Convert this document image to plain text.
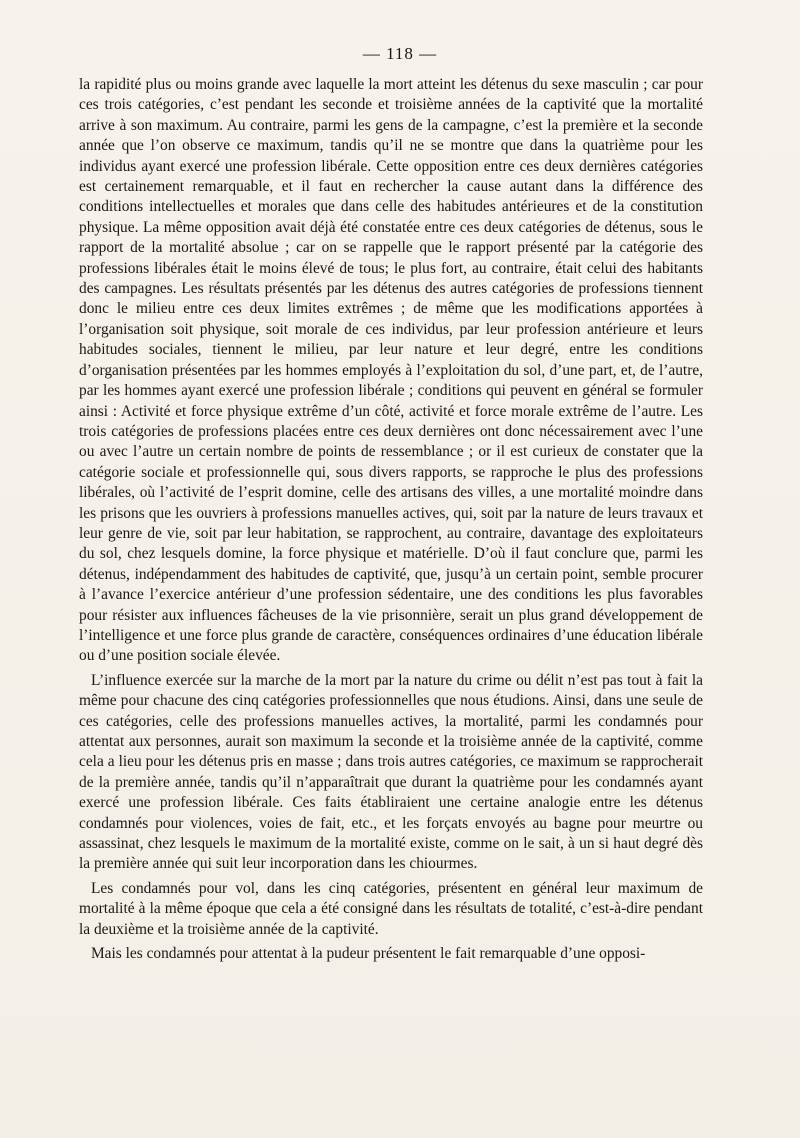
— 118 —

la rapidité plus ou moins grande avec laquelle la mort atteint les détenus du sexe masculin ; car pour ces trois catégories, c’est pendant les seconde et troisième années de la captivité que la mortalité arrive à son maximum. Au contraire, parmi les gens de la campagne, c’est la première et la seconde année que l’on observe ce maximum, tandis qu’il ne se montre que dans la quatrième pour les individus ayant exercé une profession libérale. Cette opposition entre ces deux dernières catégories est certainement remarquable, et il faut en rechercher la cause autant dans la différence des conditions intellectuelles et morales que dans celle des habitudes antérieures et de la constitution physique. La même opposition avait déjà été constatée entre ces deux catégories de détenus, sous le rapport de la mortalité absolue ; car on se rappelle que le rapport présenté par la catégorie des professions libérales était le moins élevé de tous; le plus fort, au contraire, était celui des habitants des campagnes. Les résultats présentés par les détenus des autres catégories de professions tiennent donc le milieu entre ces deux limites extrêmes ; de même que les modifications apportées à l’organisation soit physique, soit morale de ces individus, par leur profession antérieure et leurs habitudes sociales, tiennent le milieu, par leur nature et leur degré, entre les conditions d’organisation présentées par les hommes employés à l’exploitation du sol, d’une part, et, de l’autre, par les hommes ayant exercé une profession libérale ; conditions qui peuvent en général se formuler ainsi : Activité et force physique extrême d’un côté, activité et force morale extrême de l’autre. Les trois catégories de professions placées entre ces deux dernières ont donc nécessairement avec l’une ou avec l’autre un certain nombre de points de ressemblance ; or il est curieux de constater que la catégorie sociale et professionnelle qui, sous divers rapports, se rapproche le plus des professions libérales, où l’activité de l’esprit domine, celle des artisans des villes, a une mortalité moindre dans les prisons que les ouvriers à professions manuelles actives, qui, soit par la nature de leurs travaux et leur genre de vie, soit par leur habitation, se rapprochent, au contraire, davantage des exploitateurs du sol, chez lesquels domine, la force physique et matérielle. D’où il faut conclure que, parmi les détenus, indépendamment des habitudes de captivité, que, jusqu’à un certain point, semble procurer à l’avance l’exercice antérieur d’une profession sédentaire, une des conditions les plus favorables pour résister aux influences fâcheuses de la vie prisonnière, serait un plus grand développement de l’intelligence et une force plus grande de caractère, conséquences ordinaires d’une éducation libérale ou d’une position sociale élevée.

L’influence exercée sur la marche de la mort par la nature du crime ou délit n’est pas tout à fait la même pour chacune des cinq catégories professionnelles que nous étudions. Ainsi, dans une seule de ces catégories, celle des professions manuelles actives, la mortalité, parmi les condamnés pour attentat aux personnes, aurait son maximum la seconde et la troisième année de la captivité, comme cela a lieu pour les détenus pris en masse ; dans trois autres catégories, ce maximum se rapprocherait de la première année, tandis qu’il n’apparaîtrait que durant la quatrième pour les condamnés ayant exercé une profession libérale. Ces faits établiraient une certaine analogie entre les détenus condamnés pour violences, voies de fait, etc., et les forçats envoyés au bagne pour meurtre ou assassinat, chez lesquels le maximum de la mortalité existe, comme on le sait, à un si haut degré dès la première année qui suit leur incorporation dans les chiourmes.

Les condamnés pour vol, dans les cinq catégories, présentent en général leur maximum de mortalité à la même époque que cela a été consigné dans les résultats de totalité, c’est-à-dire pendant la deuxième et la troisième année de la captivité.

Mais les condamnés pour attentat à la pudeur présentent le fait remarquable d’une opposi-
